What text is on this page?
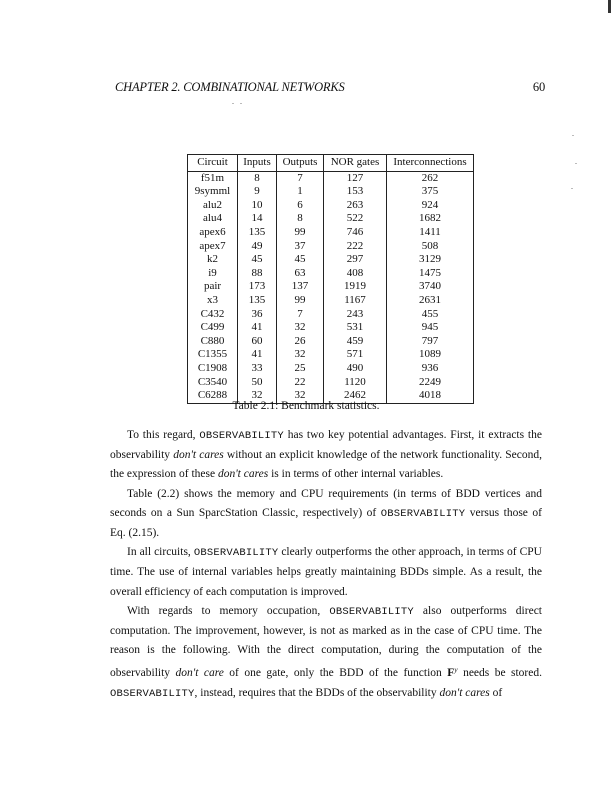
CHAPTER 2. COMBINATIONAL NETWORKS	60
Circuit	Inputs	Outputs	NOR gates	Interconnections
f51m	8	7	127	262
9symml	9	1	153	375
alu2	10	6	263	924
alu4	14	8	522	1682
apex6	135	99	746	1411
apex7	49	37	222	508
k2	45	45	297	3129
i9	88	63	408	1475
pair	173	137	1919	3740
x3	135	99	1167	2631
C432	36	7	243	455
C499	41	32	531	945
C880	60	26	459	797
C1355	41	32	571	1089
C1908	33	25	490	936
C3540	50	22	1120	2249
C6288	32	32	2462	4018
Table 2.1: Benchmark statistics.

To this regard, OBSERVABILITY has two key potential advantages. First, it extracts the observability don't cares without an explicit knowledge of the network functionality. Second, the expression of these don't cares is in terms of other internal variables.

Table (2.2) shows the memory and CPU requirements (in terms of BDD vertices and seconds on a Sun SparcStation Classic, respectively) of OBSERVABILITY versus those of Eq. (2.15).

In all circuits, OBSERVABILITY clearly outperforms the other approach, in terms of CPU time. The use of internal variables helps greatly maintaining BDDs simple. As a result, the overall efficiency of each computation is improved.

With regards to memory occupation, OBSERVABILITY also outperforms direct computation. The improvement, however, is not as marked as in the case of CPU time. The reason is the following. With the direct computation, during the computation of the observability don't care of one gate, only the BDD of the function $F^y$ needs be stored. OBSERVABILITY, instead, requires that the BDDs of the observability don't cares of
